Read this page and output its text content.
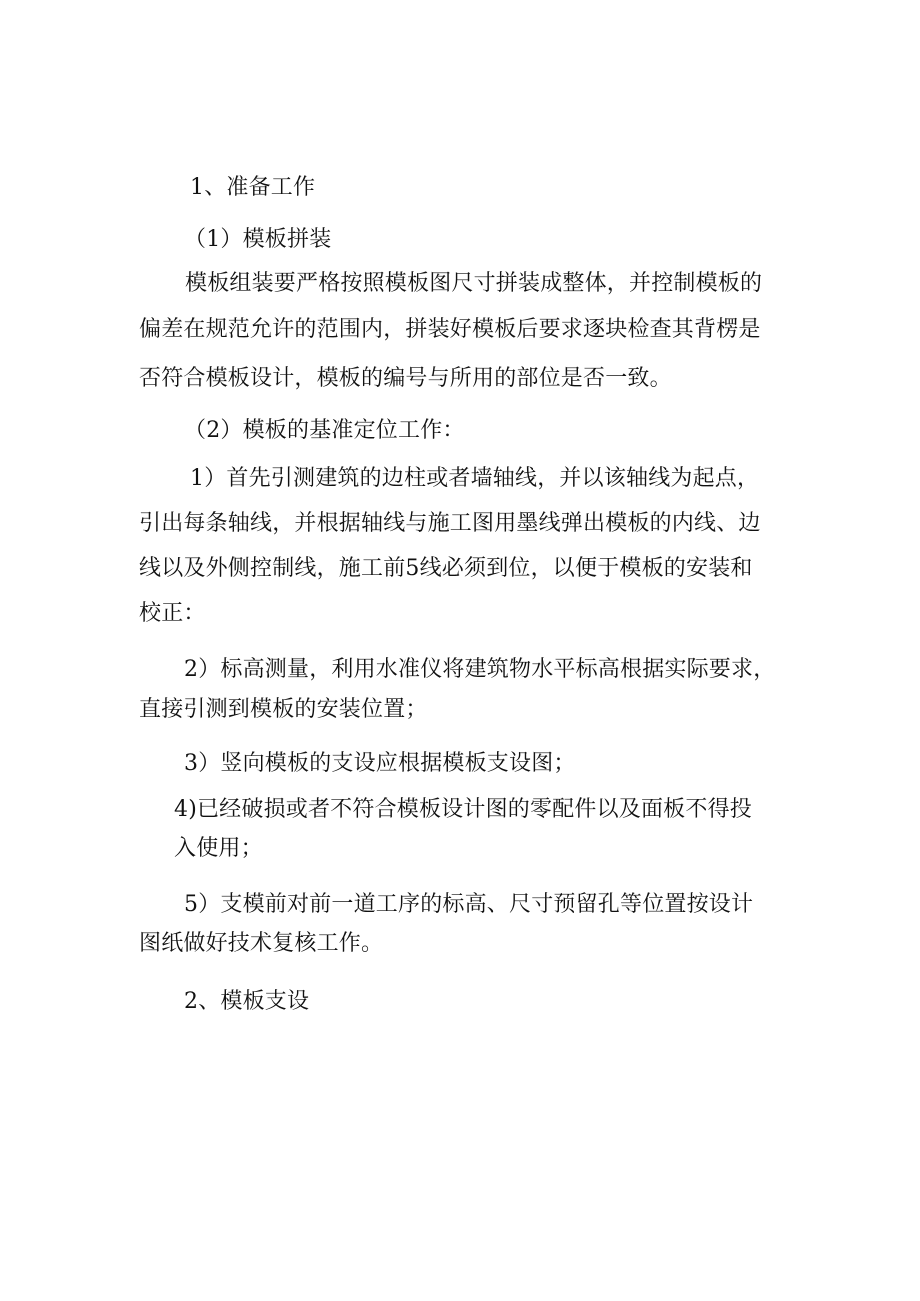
1、准备工作
（1）模板拼装
模板组装要严格按照模板图尺寸拼装成整体，并控制模板的
偏差在规范允许的范围内，拼装好模板后要求逐块检查其背楞是
否符合模板设计，模板的编号与所用的部位是否一致。
（2）模板的基准定位工作：
1）首先引测建筑的边柱或者墙轴线，并以该轴线为起点，
引出每条轴线，并根据轴线与施工图用墨线弹出模板的内线、边
线以及外侧控制线，施工前5线必须到位，以便于模板的安装和
校正：
2）标高测量，利用水准仪将建筑物水平标高根据实际要求，
直接引测到模板的安装位置；
3）竖向模板的支设应根据模板支设图；
4)已经破损或者不符合模板设计图的零配件以及面板不得投
入使用；
5）支模前对前一道工序的标高、尺寸预留孔等位置按设计
图纸做好技术复核工作。
2、模板支设
